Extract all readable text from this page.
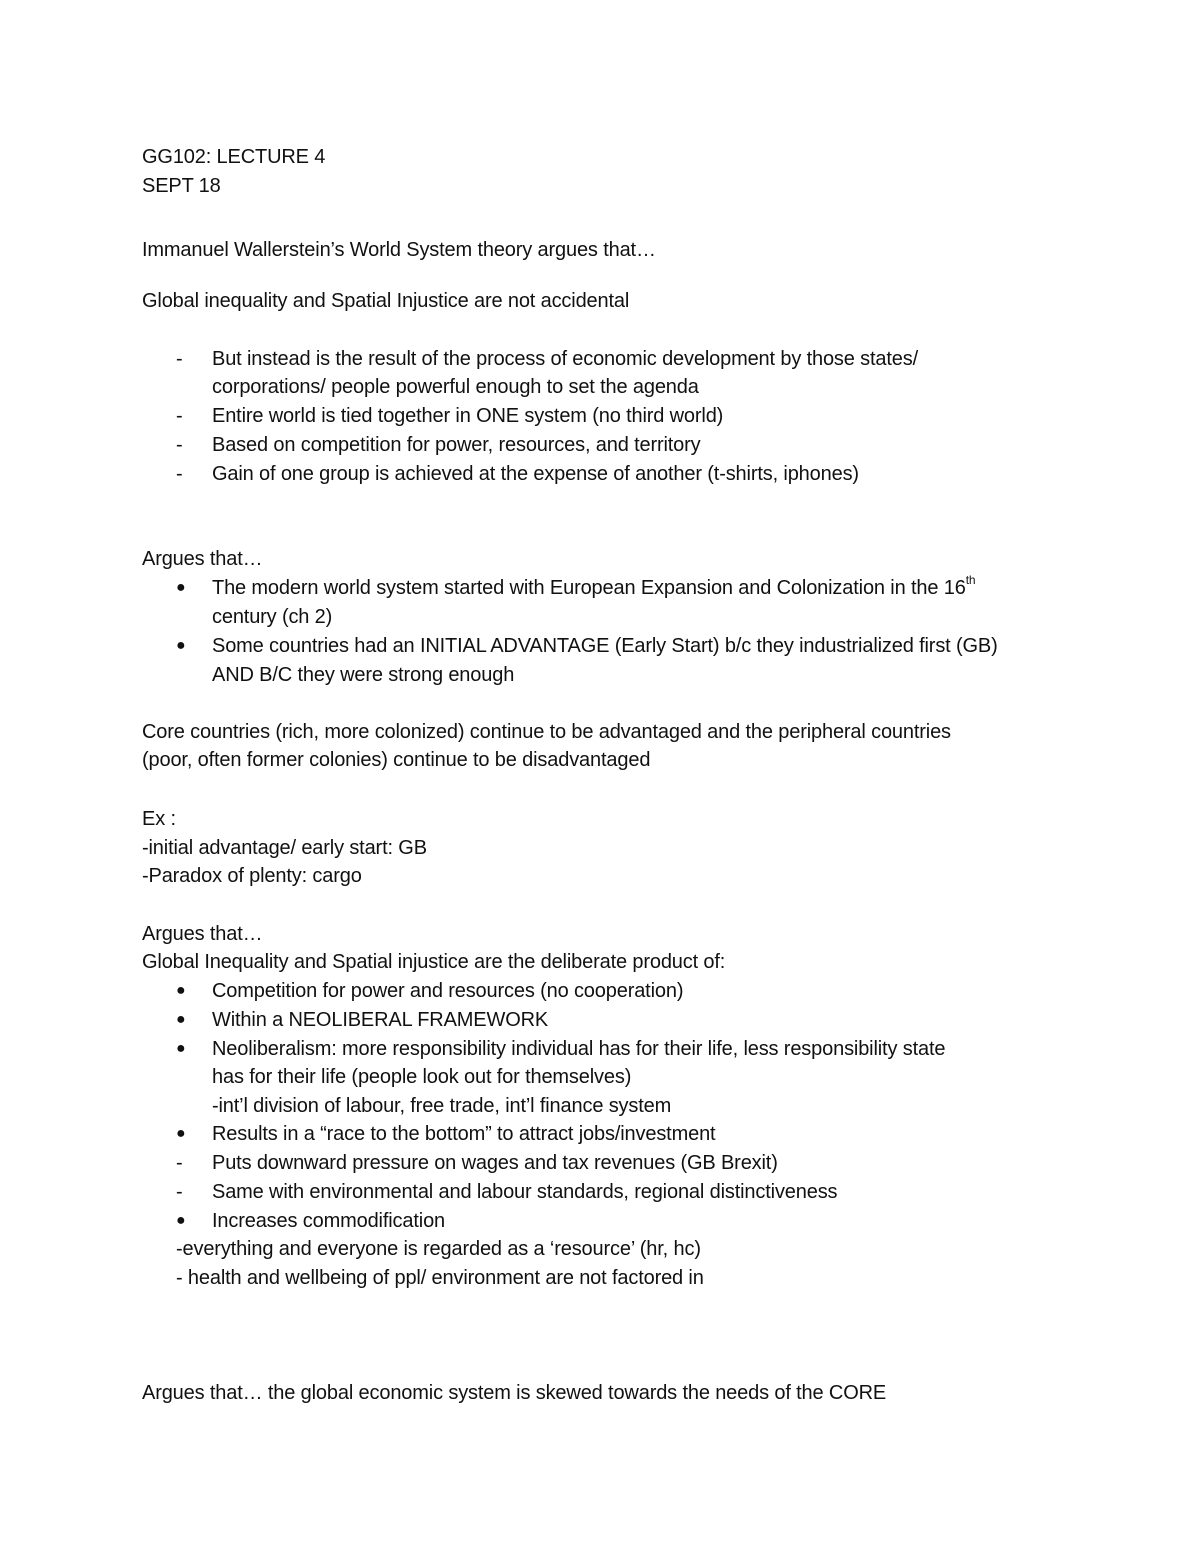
GG102: LECTURE 4
SEPT 18
Immanuel Wallerstein’s World System theory argues that…
Global inequality and Spatial Injustice are not accidental
- But instead is the result of the process of economic development by those states/
corporations/ people powerful enough to set the agenda
- Entire world is tied together in ONE system (no third world)
- Based on competition for power, resources, and territory
- Gain of one group is achieved at the expense of another (t-shirts, iphones)
Argues that…
● The modern world system started with European Expansion and Colonization in the 16th
century (ch 2)
● Some countries had an INITIAL ADVANTAGE (Early Start) b/c they industrialized first (GB)
AND B/C they were strong enough
Core countries (rich, more colonized) continue to be advantaged and the peripheral countries
(poor, often former colonies) continue to be disadvantaged
Ex :
-initial advantage/ early start: GB
-Paradox of plenty: cargo
Argues that…
Global Inequality and Spatial injustice are the deliberate product of:
● Competition for power and resources (no cooperation)
● Within a NEOLIBERAL FRAMEWORK
● Neoliberalism: more responsibility individual has for their life, less responsibility state
has for their life (people look out for themselves)
-int’l division of labour, free trade, int’l finance system
● Results in a “race to the bottom” to attract jobs/investment
- Puts downward pressure on wages and tax revenues (GB Brexit)
- Same with environmental and labour standards, regional distinctiveness
● Increases commodification
-everything and everyone is regarded as a ‘resource’ (hr, hc)
- health and wellbeing of ppl/ environment are not factored in
Argues that… the global economic system is skewed towards the needs of the CORE
